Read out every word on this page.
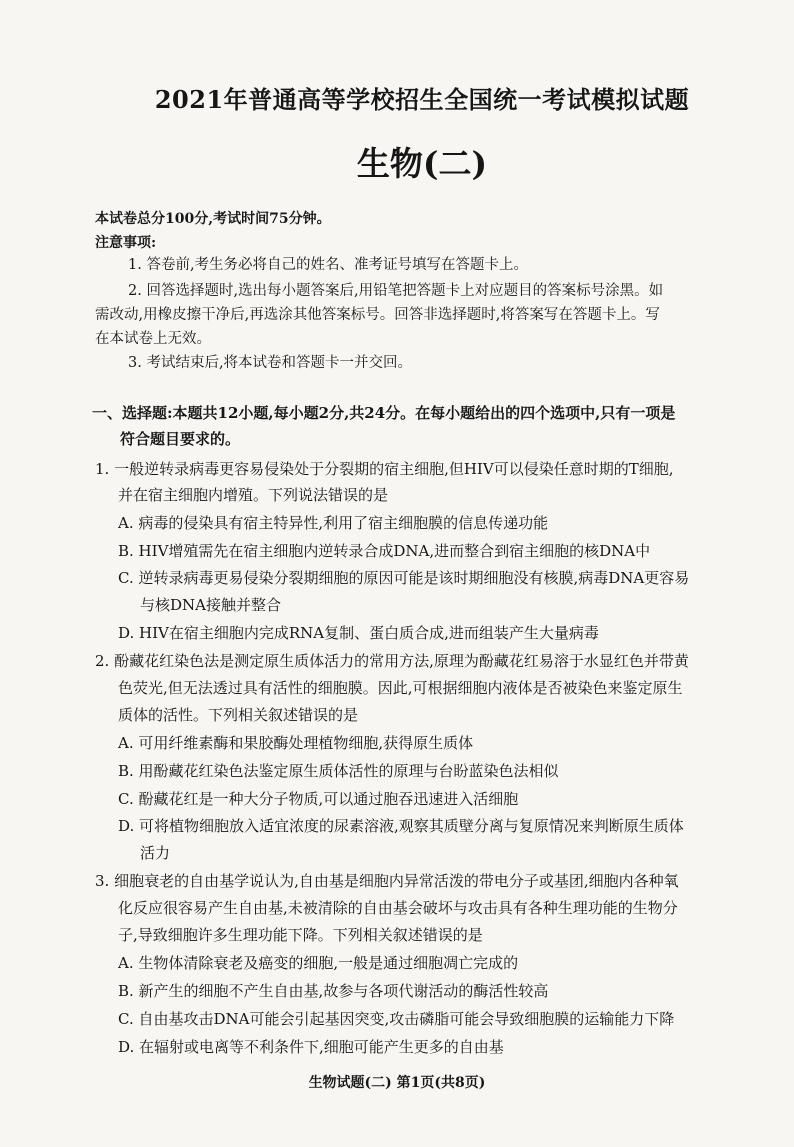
2021年普通高等学校招生全国统一考试模拟试题
生物(二)
本试卷总分100分,考试时间75分钟。
注意事项:
1. 答卷前,考生务必将自己的姓名、准考证号填写在答题卡上。
2. 回答选择题时,选出每小题答案后,用铅笔把答题卡上对应题目的答案标号涂黑。如
需改动,用橡皮擦干净后,再选涂其他答案标号。回答非选择题时,将答案写在答题卡上。写
在本试卷上无效。
3. 考试结束后,将本试卷和答题卡一并交回。
一、选择题:本题共12小题,每小题2分,共24分。在每小题给出的四个选项中,只有一项是
符合题目要求的。
1. 一般逆转录病毒更容易侵染处于分裂期的宿主细胞,但HIV可以侵染任意时期的T细胞,
并在宿主细胞内增殖。下列说法错误的是
A. 病毒的侵染具有宿主特异性,利用了宿主细胞膜的信息传递功能
B. HIV增殖需先在宿主细胞内逆转录合成DNA,进而整合到宿主细胞的核DNA中
C. 逆转录病毒更易侵染分裂期细胞的原因可能是该时期细胞没有核膜,病毒DNA更容易
与核DNA接触并整合
D. HIV在宿主细胞内完成RNA复制、蛋白质合成,进而组装产生大量病毒
2. 酚藏花红染色法是测定原生质体活力的常用方法,原理为酚藏花红易溶于水显红色并带黄
色荧光,但无法透过具有活性的细胞膜。因此,可根据细胞内液体是否被染色来鉴定原生
质体的活性。下列相关叙述错误的是
A. 可用纤维素酶和果胶酶处理植物细胞,获得原生质体
B. 用酚藏花红染色法鉴定原生质体活性的原理与台盼蓝染色法相似
C. 酚藏花红是一种大分子物质,可以通过胞吞迅速进入活细胞
D. 可将植物细胞放入适宜浓度的尿素溶液,观察其质壁分离与复原情况来判断原生质体
活力
3. 细胞衰老的自由基学说认为,自由基是细胞内异常活泼的带电分子或基团,细胞内各种氧
化反应很容易产生自由基,未被清除的自由基会破坏与攻击具有各种生理功能的生物分
子,导致细胞许多生理功能下降。下列相关叙述错误的是
A. 生物体清除衰老及癌变的细胞,一般是通过细胞凋亡完成的
B. 新产生的细胞不产生自由基,故参与各项代谢活动的酶活性较高
C. 自由基攻击DNA可能会引起基因突变,攻击磷脂可能会导致细胞膜的运输能力下降
D. 在辐射或电离等不利条件下,细胞可能产生更多的自由基
生物试题(二) 第1页(共8页)
